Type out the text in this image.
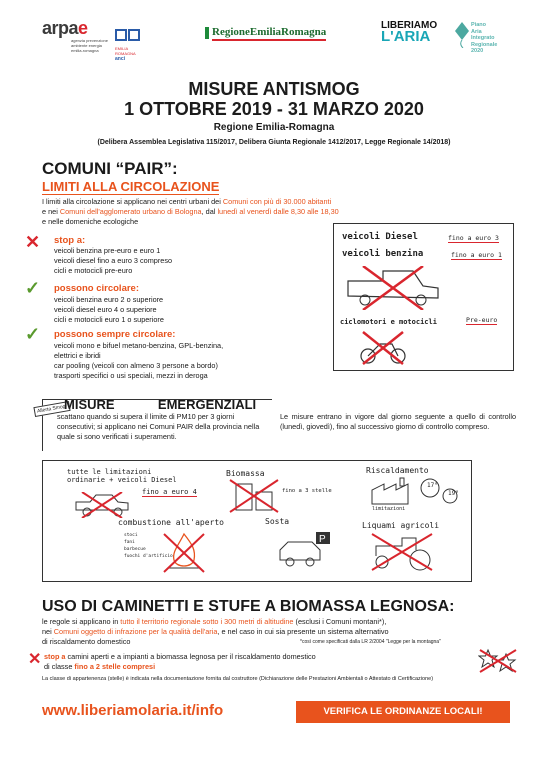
arpae
agenzia prevenzione ambiente energia emilia-romagna	EMILIA ROMAGNA
anci
RegioneEmiliaRomagna	LIBERIAMO
L'ARIA
Piano
Aria
Integrato
Regionale
2020
MISURE ANTISMOG
1 OTTOBRE 2019 - 31 MARZO 2020
Regione Emilia-Romagna
(Delibera Assemblea Legislativa 115/2017, Delibera Giunta Regionale 1412/2017, Legge Regionale 14/2018)
COMUNI “PAIR”:
LIMITI ALLA CIRCOLAZIONE
I limiti alla circolazione si applicano nei centri urbani dei Comuni con più di 30.000 abitanti
e nei Comuni dell'agglomerato urbano di Bologna, dal lunedì al venerdì dalle 8,30 alle 18,30
e nelle domeniche ecologiche
✕ stop a:
veicoli benzina pre-euro e euro 1
veicoli diesel fino a euro 3 compreso
cicli e motocicli pre-euro
✓ possono circolare:
veicoli benzina euro 2 o superiore
veicoli diesel euro 4 o superiore
cicli e motocicli euro 1 o superiore
✓ possono sempre circolare:
veicoli mono e bifuel metano-benzina, GPL-benzina,
elettrici e ibridi
car pooling (veicoli con almeno 3 persone a bordo)
trasporti specifici o usi speciali, mezzi in deroga
veicoli Diesel	fino a euro 3
veicoli benzina	fino a euro 1
ciclomotori e motocicli	Pre-euro
Allerta Smog!
MISURE	EMERGENZIALI
scattano quando si supera il limite di PM10 per 3 giorni consecutivi; si applicano nei Comuni PAIR della provincia nella quale si sono verificati i superamenti.
Le misure entrano in vigore dal giorno seguente a quello di controllo (lunedì, giovedì), fino al successivo giorno di controllo compreso.
tutte le limitazioni ordinarie + veicoli Diesel
fino a euro 4
Biomassa
fino a 3 stelle
Riscaldamento
17°
19°
limitazioni
combustione all'aperto
stoci
fani
barbecue
fuochi d'artificio
Sosta
P
Liquami agricoli
USO DI CAMINETTI E STUFE A BIOMASSA LEGNOSA:
le regole si applicano in tutto il territorio regionale sotto i 300 metri di altitudine (esclusi i Comuni montani*),
nei Comuni oggetto di infrazione per la qualità dell'aria, e nel caso in cui sia presente un sistema alternativo
di riscaldamento domestico	*così come specificati dalla LR 2/2004 "Legge per la montagna"
✕ stop a camini aperti e a impianti a biomassa legnosa per il riscaldamento domestico
di classe fino a 2 stelle compresi
La classe di appartenenza (stelle) è indicata nella documentazione fornita dal costruttore (Dichiarazione delle Prestazioni Ambientali o Attestato di Certificazione)
www.liberiamolaria.it/info	VERIFICA LE ORDINANZE LOCALI!
